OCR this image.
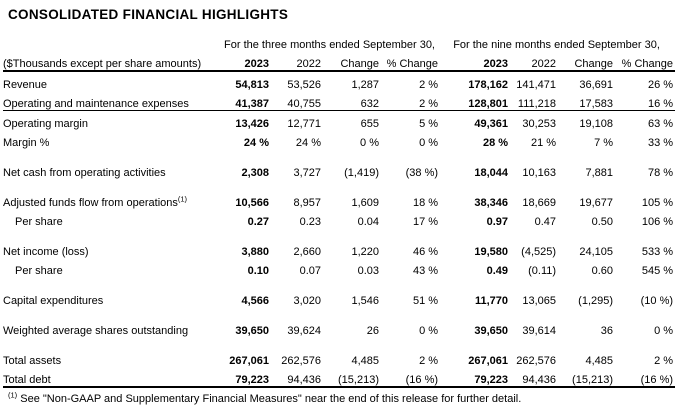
CONSOLIDATED FINANCIAL HIGHLIGHTS
	For the three months ended September 30,				For the nine months ended September 30,			
($Thousands except per share amounts)	2023	2022	Change	% Change	2023	2022	Change	% Change
Revenue	54,813	53,526	1,287	2 %	178,162	141,471	36,691	26 %
Operating and maintenance expenses	41,387	40,755	632	2 %	128,801	111,218	17,583	16 %
Operating margin	13,426	12,771	655	5 %	49,361	30,253	19,108	63 %
Margin %	24 %	24 %	0 %	0 %	28 %	21 %	7 %	33 %

Net cash from operating activities	2,308	3,727	(1,419)	(38 %)	18,044	10,163	7,881	78 %

Adjusted funds flow from operations$^{(1)}$	10,566	8,957	1,609	18 %	38,346	18,669	19,677	105 %
Per share	0.27	0.23	0.04	17 %	0.97	0.47	0.50	106 %

Net income (loss)	3,880	2,660	1,220	46 %	19,580	(4,525)	24,105	533 %
Per share	0.10	0.07	0.03	43 %	0.49	(0.11)	0.60	545 %

Capital expenditures	4,566	3,020	1,546	51 %	11,770	13,065	(1,295)	(10 %)

Weighted average shares outstanding	39,650	39,624	26	0 %	39,650	39,614	36	0 %

Total assets	267,061	262,576	4,485	2 %	267,061	262,576	4,485	2 %
Total debt	79,223	94,436	(15,213)	(16 %)	79,223	94,436	(15,213)	(16 %)
$^{(1)}$ See "Non-GAAP and Supplementary Financial Measures" near the end of this release for further detail.
